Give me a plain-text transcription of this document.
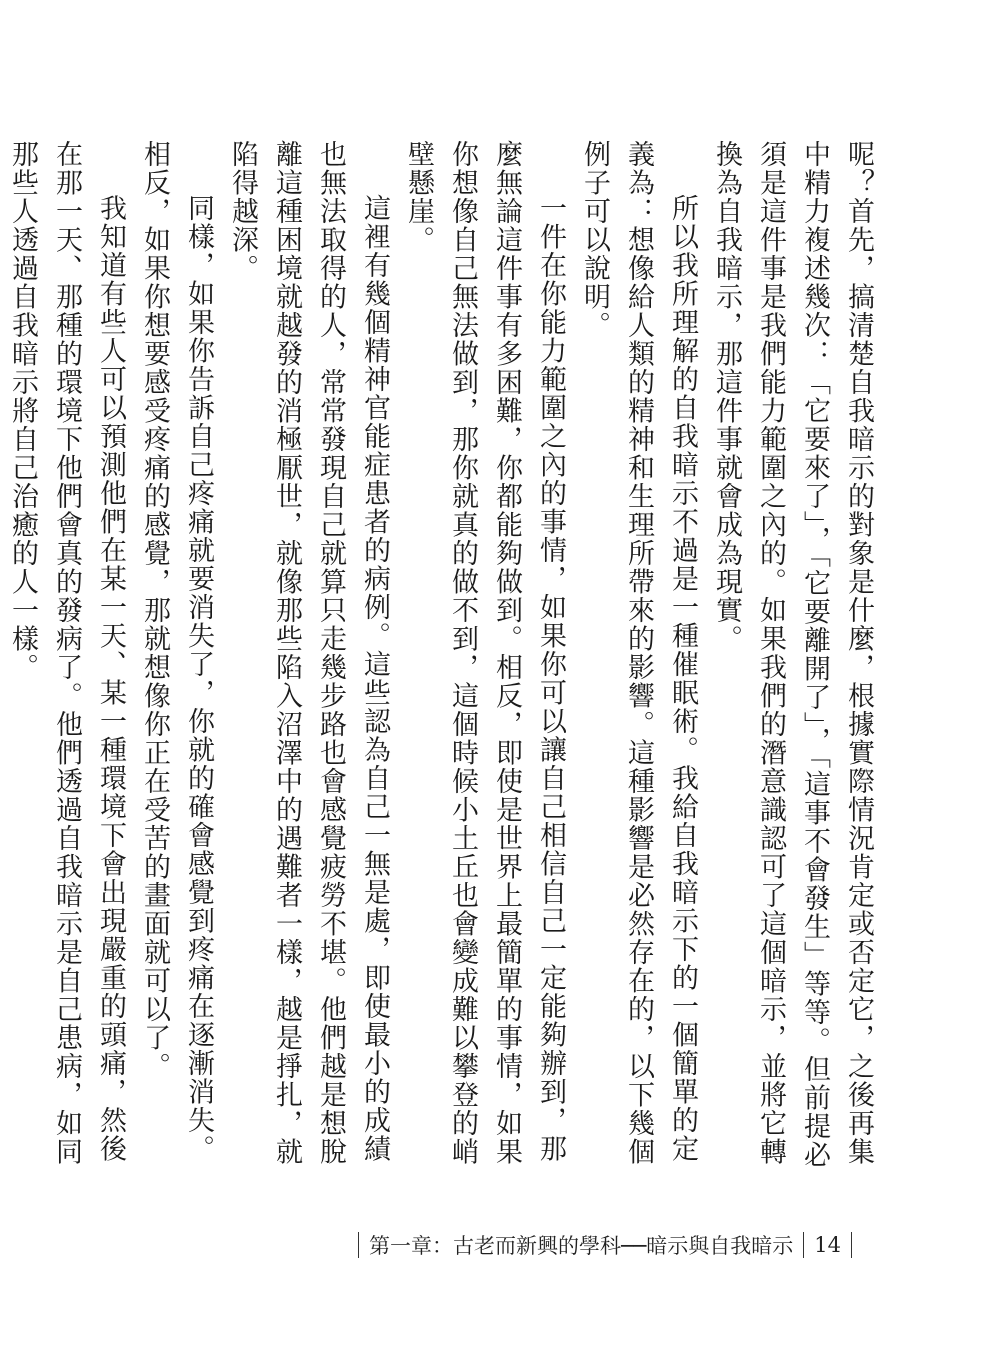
呢？首先，搞清楚自我暗示的對象是什麼，根據實際情況肯定或否定它，之後再集中精力複述幾次：「它要來了」，「它要離開了」，「這事不會發生」等等。但前提必須是這件事是我們能力範圍之內的。如果我們的潛意識認可了這個暗示，並將它轉換為自我暗示，那這件事就會成為現實。

所以我所理解的自我暗示不過是一種催眠術。我給自我暗示下的一個簡單的定義為：想像給人類的精神和生理所帶來的影響。這種影響是必然存在的，以下幾個例子可以說明。

一件在你能力範圍之內的事情，如果你可以讓自己相信自己一定能夠辦到，那麼無論這件事有多困難，你都能夠做到。相反，即使是世界上最簡單的事情，如果你想像自己無法做到，那你就真的做不到，這個時候小土丘也會變成難以攀登的峭壁懸崖。

這裡有幾個精神官能症患者的病例。這些認為自己一無是處，即使最小的成績也無法取得的人，常常發現自己就算只走幾步路也會感覺疲勞不堪。他們越是想脫離這種困境就越發的消極厭世，就像那些陷入沼澤中的遇難者一樣，越是掙扎，就陷得越深。

同樣，如果你告訴自己疼痛就要消失了，你就的確會感覺到疼痛在逐漸消失。相反，如果你想要感受疼痛的感覺，那就想像你正在受苦的畫面就可以了。

我知道有些人可以預測他們在某一天、某一種環境下會出現嚴重的頭痛，然後在那一天、那種的環境下他們會真的發病了。他們透過自我暗示是自己患病，如同那些人透過自我暗示將自己治癒的人一樣。

第一章：古老而新興的學科──暗示與自我暗示 14
